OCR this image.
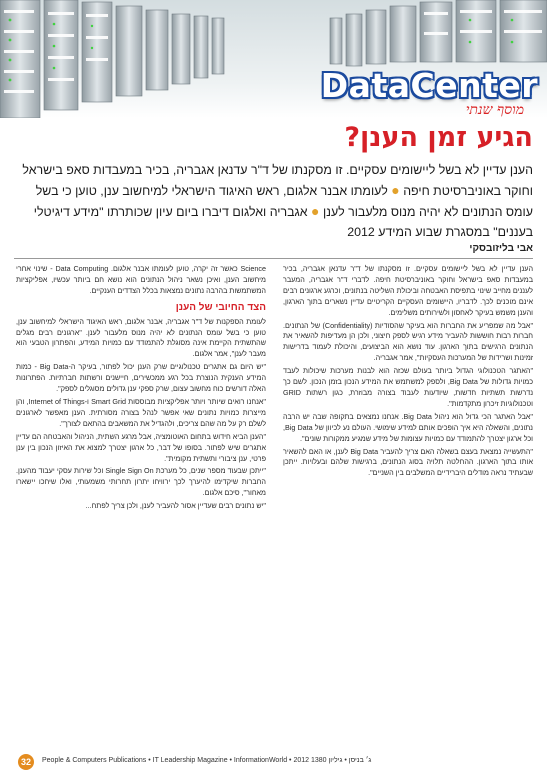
מוסף שנתי
DataCenter
הגיע זמן הענן?

הענן עדיין לא בשל ליישומים עסקיים. זו מסקנתו של ד"ר עדנאן אגבריה, בכיר במעבדות סאפ בישראל וחוקר באוניברסיטת חיפה ● לעומתו אבנר אלגום, ראש האיגוד הישראלי למיחשוב ענן, טוען כי בשל עומס הנתונים לא יהיה מנוס מלעבור לענן ● אגבריה ואלגום דיברו ביום עיון שכותרתו "מידע דיגיטלי בעננים" במסגרת שבוע המידע 2012

אבי בליזובסקי

הענן עדיין לא בשל ליישומים עסקיים. זו מסקנתו של ד"ר עדנאן אגבריה, בכיר במעבדות סאפ בישראל וחוקר באוניברסיטת חיפה. לדברי ד"ר אגבריה, המעבר לעננים מחייב שינוי בתפיסת האבטחה וביכולת השליטה בנתונים, וכרגע ארגונים רבים אינם מוכנים לכך. לדבריו, היישומים העסקיים הקריטיים עדיין נשארים בתוך הארגון, והענן משמש בעיקר לאחסון ולשירותים משלימים.

"אבל מה שמפריע את החברות הוא בעיקר שהסודיות (Confidentiality) של הנתונים. חברות רבות חוששות להעביר מידע רגיש לספק חיצוני, ולכן הן מעדיפות להשאיר את הנתונים הרגישים בתוך הארגון. עוד נושא הוא הביצועים, והיכולת לעמוד בדרישות זמינות ושרידות של המערכות העסקיות", אמר אגבריה.

"האתגר הטכנולוגי הגדול ביותר בעולם שכזה הוא לבנות מערכות שיכולות לעבד כמויות גדולות של Big Data, ולספק למשתמש את המידע הנכון בזמן הנכון. לשם כך נדרשות תשתיות חדשות, שיודעות לעבוד בצורה מבוזרת, כגון רשתות GRID וטכנולוגיות זיכרון מתקדמות".

"אבל האתגר הכי גדול הוא ניהול Big Data. אנחנו נמצאים בתקופה שבה יש הרבה נתונים, והשאלה היא איך הופכים אותם למידע שימושי. העולם נע לכיוון של Big Data, וכל ארגון יצטרך להתמודד עם כמויות עצומות של מידע שמגיע ממקורות שונים".

"התעשייה נמצאת בעצם בשאלה האם צריך להעביר Big Data לענן, או האם להשאיר אותו בתוך הארגון. ההחלטה תלויה בסוג הנתונים, ברגישות שלהם ובעלויות. ייתכן שבעתיד נראה מודלים היברידיים המשלבים בין השניים".

Science כאשר זה יקרה, טוען לעומתו אבנר אלגום. Data Computing - שינוי אחרי מיחשוב הענן, ואיכן נשאר ניהול הנתונים הוא נושא חם ביותר עכשיו, אפליקציות המשתמשות בהרבה נתונים נמצאות בכלל הצדדים הענקיים.

הצד החיובי של הענן

לעומת הספקנות של ד"ר אגבריה, אבנר אלגום, ראש האיגוד הישראלי למיחשוב ענן, טוען כי בשל עומס הנתונים לא יהיה מנוס מלעבור לענן. "ארגונים רבים מגלים שהתשתית הקיימת אינה מסוגלת להתמודד עם כמויות המידע, והפתרון הטבעי הוא מעבר לענן", אמר אלגום.

"יש היום גם אתגרים טכנולוגיים שרק הענן יכול לפתור, בעיקר ה-Big Data - כמות המידע הענקית הנוצרת בכל רגע ממכשירים, חיישנים ורשתות חברתיות. הפתרונות האלה דורשים כוח מחשוב עצום, שרק ספקי ענן גדולים מסוגלים לספק".

"אנחנו רואים שיותר ויותר אפליקציות מבוססות Smart Grid ו-Internet of Things, והן מייצרות כמויות נתונים שאי אפשר לנהל בצורה מסורתית. הענן מאפשר לארגונים לשלם רק על מה שהם צריכים, ולהגדיל את המשאבים בהתאם לצורך".

"הענן הביא חידוש בתחום האוטומציה, אבל מרגע השתית, הניהול והאבטחה הם עדיין אתגרים שיש לפתור. בסופו של דבר, כל ארגון יצטרך למצוא את האיזון הנכון בין ענן פרטי, ענן ציבורי ותשתית מקומית".

"ייתכן שבעוד מספר שנים, כל מערכת Single Sign On וכל שירות עסקי יעבוד מהענן. החברות שיקדימו להיערך לכך ירוויחו יתרון תחרותי משמעותי, ואלו שיחכו יישארו מאחור", סיכם אלגום.

"יש נתונים רבים שעדיין אסור להעביר לענן, ולכן צריך לפתח...

32	People & Computers Publications • IT Leadership Magazine • InformationWorld • 2012 ג׳ בניסן • גיליון 1380
